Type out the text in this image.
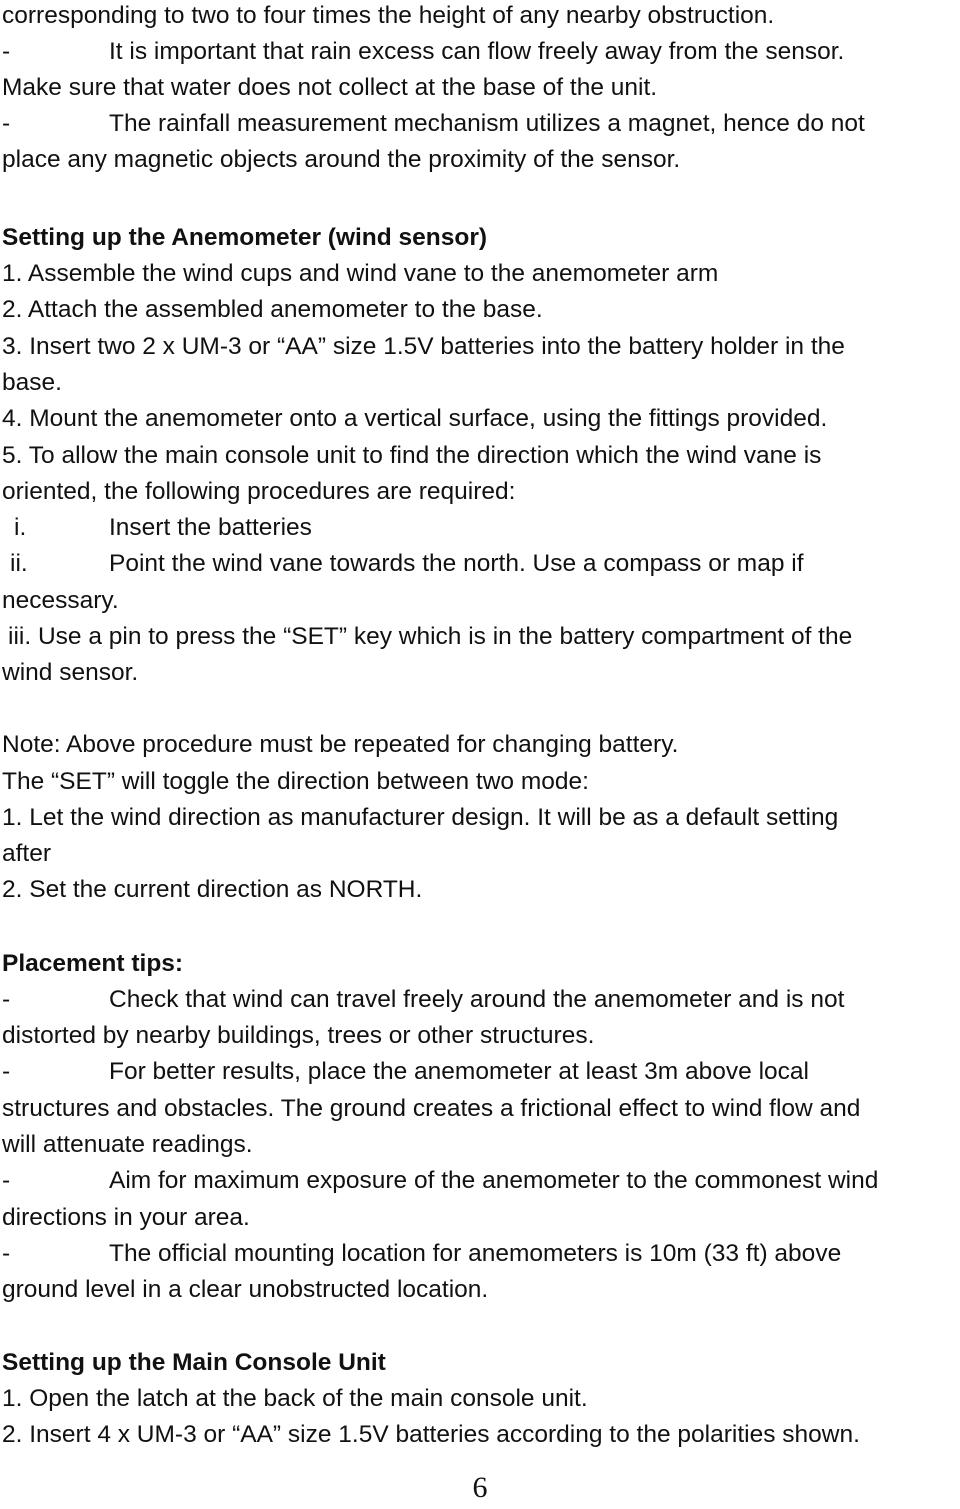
corresponding to two to four times the height of any nearby obstruction.
-	It is important that rain excess can flow freely away from the sensor.
Make sure that water does not collect at the base of the unit.
-	The rainfall measurement mechanism utilizes a magnet, hence do not
place any magnetic objects around the proximity of the sensor.
Setting up the Anemometer (wind sensor)
1. Assemble the wind cups and wind vane to the anemometer arm
2. Attach the assembled anemometer to the base.
3. Insert two 2 x UM-3 or “AA” size 1.5V batteries into the battery holder in the
base.
4. Mount the anemometer onto a vertical surface, using the fittings provided.
5. To allow the main console unit to find the direction which the wind vane is
oriented, the following procedures are required:
i.	Insert the batteries
ii.	Point the wind vane towards the north. Use a compass or map if
necessary.
iii. Use a pin to press the “SET” key which is in the battery compartment of the
wind sensor.
Note: Above procedure must be repeated for changing battery.
The “SET” will toggle the direction between two mode:
1. Let the wind direction as manufacturer design. It will be as a default setting
after
2. Set the current direction as NORTH.
Placement tips:
-	Check that wind can travel freely around the anemometer and is not
distorted by nearby buildings, trees or other structures.
-	For better results, place the anemometer at least 3m above local
structures and obstacles. The ground creates a frictional effect to wind flow and
will attenuate readings.
-	Aim for maximum exposure of the anemometer to the commonest wind
directions in your area.
-	The official mounting location for anemometers is 10m (33 ft) above
ground level in a clear unobstructed location.
Setting up the Main Console Unit
1. Open the latch at the back of the main console unit.
2. Insert 4 x UM-3 or “AA” size 1.5V batteries according to the polarities shown.
6
